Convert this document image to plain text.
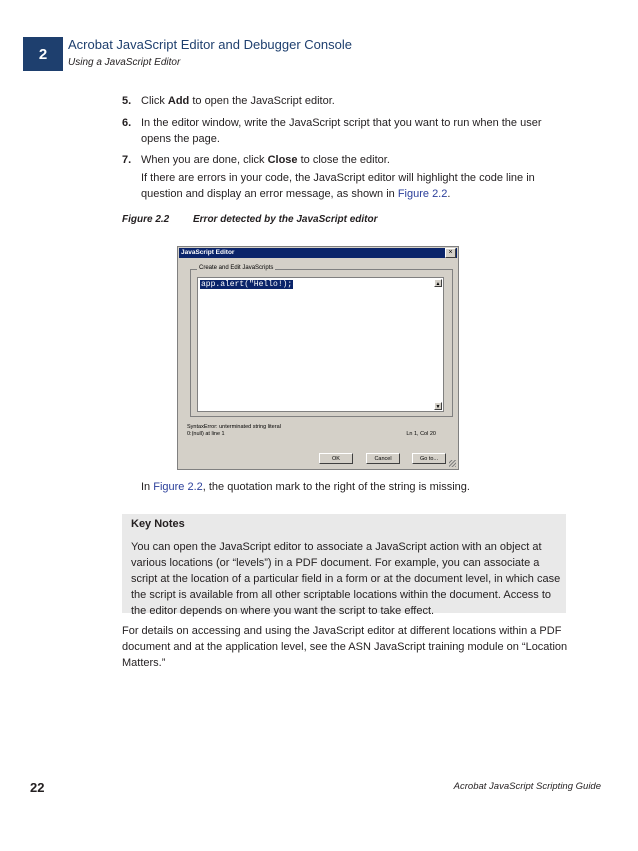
2
Acrobat JavaScript Editor and Debugger Console
Using a JavaScript Editor
5. Click Add to open the JavaScript editor.
6. In the editor window, write the JavaScript script that you want to run when the user opens the page.
7. When you are done, click Close to close the editor.
If there are errors in your code, the JavaScript editor will highlight the code line in question and display an error message, as shown in Figure 2.2.
Figure 2.2 Error detected by the JavaScript editor
JavaScript Editor	×
Create and Edit JavaScripts
app.alert("Hello!);	▲
▼
SyntaxError: unterminated string literal
0:(null) at line 1	Ln 1, Col 20
OK	Cancel	Go to...
In Figure 2.2, the quotation mark to the right of the string is missing.
Key Notes
You can open the JavaScript editor to associate a JavaScript action with an object at various locations (or “levels”) in a PDF document. For example, you can associate a script at the location of a particular field in a form or at the document level, in which case the script is available from all other scriptable locations within the document. Access to the editor depends on where you want the script to take effect.
For details on accessing and using the JavaScript editor at different locations within a PDF document and at the application level, see the ASN JavaScript training module on “Location Matters.”
22	Acrobat JavaScript Scripting Guide
